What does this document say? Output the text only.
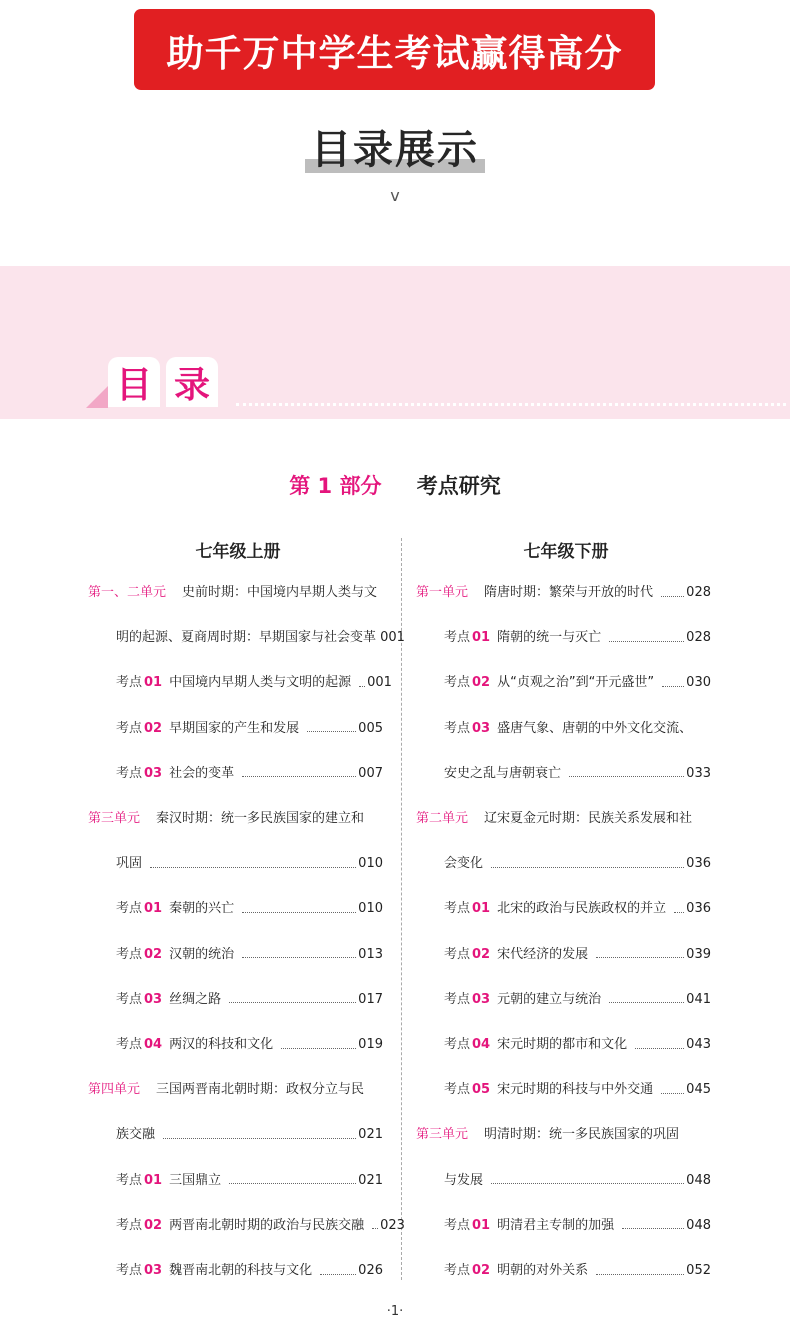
助千万中学生考试赢得高分
目录展示
v
目 录
第 1 部分 考点研究
七年级上册	七年级下册
第一、二单元 史前时期：中国境内早期人类与文
明的起源、夏商周时期：早期国家与社会变革 001
考点 01 中国境内早期人类与文明的起源 001
考点 02 早期国家的产生和发展	005
考点 03 社会的变革	007
第三单元 秦汉时期：统一多民族国家的建立和
巩固	010
考点 01 秦朝的兴亡	010
考点 02 汉朝的统治	013
考点 03 丝绸之路	017
考点 04 两汉的科技和文化	019
第四单元 三国两晋南北朝时期：政权分立与民
族交融	021
考点 01 三国鼎立	021
考点 02 两晋南北朝时期的政治与民族交融 023
考点 03 魏晋南北朝的科技与文化	026
第一单元 隋唐时期：繁荣与开放的时代	028
考点 01 隋朝的统一与灭亡	028
考点 02 从“贞观之治”到“开元盛世” 030
考点 03 盛唐气象、唐朝的中外文化交流、
安史之乱与唐朝衰亡	033
第二单元 辽宋夏金元时期：民族关系发展和社
会变化	036
考点 01 北宋的政治与民族政权的并立 036
考点 02 宋代经济的发展	039
考点 03 元朝的建立与统治	041
考点 04 宋元时期的都市和文化	043
考点 05 宋元时期的科技与中外交通	045
第三单元 明清时期：统一多民族国家的巩固
与发展	048
考点 01 明清君主专制的加强	048
考点 02 明朝的对外关系	052
·1·
